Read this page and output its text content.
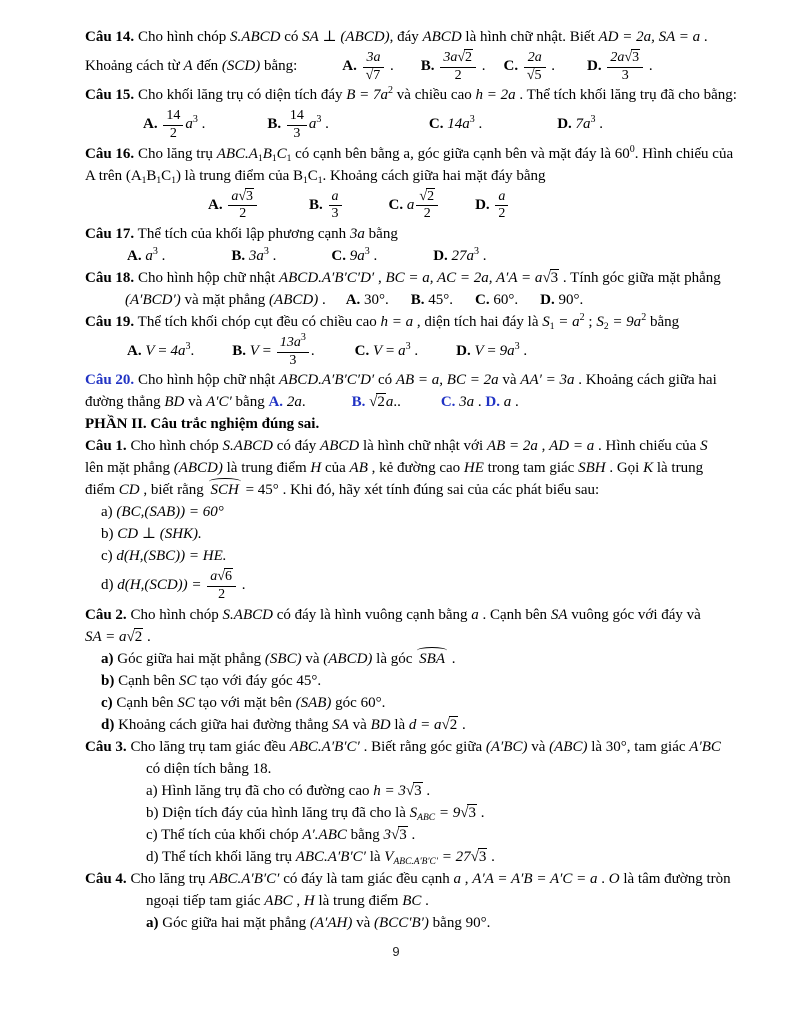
Câu 14. Cho hình chóp S.ABCD có SA ⊥ (ABCD), đáy ABCD là hình chữ nhật. Biết AD = 2a, SA = a .
Khoảng cách từ A đến (SCD) bằng:	A. $\frac{3a}{√7}$ . B. $\frac{3a√2}{2}$ . C. $\frac{2a}{√5}$ . D. $\frac{2a√3}{3}$ .
Câu 15. Cho khối lăng trụ có diện tích đáy $B = 7a^2$ và chiều cao h = 2a . Thể tích khối lăng trụ đã cho bằng:
A. $\frac{14}{2} a^3$ .	B. $\frac{14}{3} a^3$ .	C. $14a^3$ .	D. $7a^3$ .
Câu 16. Cho lăng trụ $ABC.A_1B_1C_1$ có cạnh bên bằng a, góc giữa cạnh bên và mặt đáy là $60^0$. Hình chiếu của
A trên $(A_1B_1C_1)$ là trung điểm của $B_1C_1$. Khoảng cách giữa hai mặt đáy bằng
A. $\frac{a√3}{2}$	B. $\frac{a}{3}$	C. a $\frac{√2}{2} D$. $\frac{a}{2}$
Câu 17. Thể tích của khối lập phương cạnh 3a bằng
A. $a^3$ .	B. $3a^3$ .	C. $9a^3$ .	D. $27a^3$ .
Câu 18. Cho hình hộp chữ nhật ABCD.A′B′C′D′ , BC = a, AC = 2a, A′A = a√3 . Tính góc giữa mặt phẳng
(A′BCD′) và mặt phẳng (ABCD) . A. 30°. B. 45°. C. 60°. D. 90°.
Câu 19. Thể tích khối chóp cụt đều có chiều cao h = a , diện tích hai đáy là $S_1 = a^2$ ; $S_2 = 9a^2$ bằng
A. $V = 4a^3$.	B. $V = \frac{13a^3}{3}$ .	C. $V = a^3$ .	D. $V = 9a^3$ .
Câu 20. Cho hình hộp chữ nhật ABCD.A′B′C′D′ có AB = a, BC = 2a và AA′ = 3a . Khoảng cách giữa hai
đường thẳng BD và A′C′ bằng A. 2a.	B. √2a..	C. 3a . D. a .
PHẦN II. Câu trắc nghiệm đúng sai.
Câu 1. Cho hình chóp S.ABCD có đáy ABCD là hình chữ nhật với AB = 2a , AD = a . Hình chiếu của S
lên mặt phẳng (ABCD) là trung điểm H của AB , kẻ đường cao HE trong tam giác SBH . Gọi K là trung
điểm CD , biết rằng SCH = 45° . Khi đó, hãy xét tính đúng sai của các phát biểu sau:
a) (BC,(SAB)) = 60°
b) CD ⊥ (SHK).
c) d(H,(SBC)) = HE.
d) $d(H,(SCD)) = \frac{a√6}{2}$ .
Câu 2. Cho hình chóp S.ABCD có đáy là hình vuông cạnh bằng a . Cạnh bên SA vuông góc với đáy và
SA = a√2 .
a) Góc giữa hai mặt phẳng (SBC) và (ABCD) là góc SBA .
b) Cạnh bên SC tạo với đáy góc 45°.
c) Cạnh bên SC tạo với mặt bên (SAB) góc 60°.
d) Khoảng cách giữa hai đường thẳng SA và BD là d = a√2 .
Câu 3. Cho lăng trụ tam giác đều ABC.A′B′C′ . Biết rằng góc giữa (A′BC) và (ABC) là 30°, tam giác A′BC
có diện tích bằng 18.
a) Hình lăng trụ đã cho có đường cao h = 3√3 .
b) Diện tích đáy của hình lăng trụ đã cho là $S_{ABC} = 9√3$ .
c) Thể tích của khối chóp A′.ABC bằng 3√3 .
d) Thể tích khối lăng trụ ABC.A′B′C′ là $V_{ABC.A'B'C'} = 27√3$ .
Câu 4. Cho lăng trụ ABC.A′B′C′ có đáy là tam giác đều cạnh a , A′A = A′B = A′C = a . O là tâm đường tròn
ngoại tiếp tam giác ABC , H là trung điểm BC .
a) Góc giữa hai mặt phẳng (A′AH) và (BCC′B′) bằng 90°.
9
